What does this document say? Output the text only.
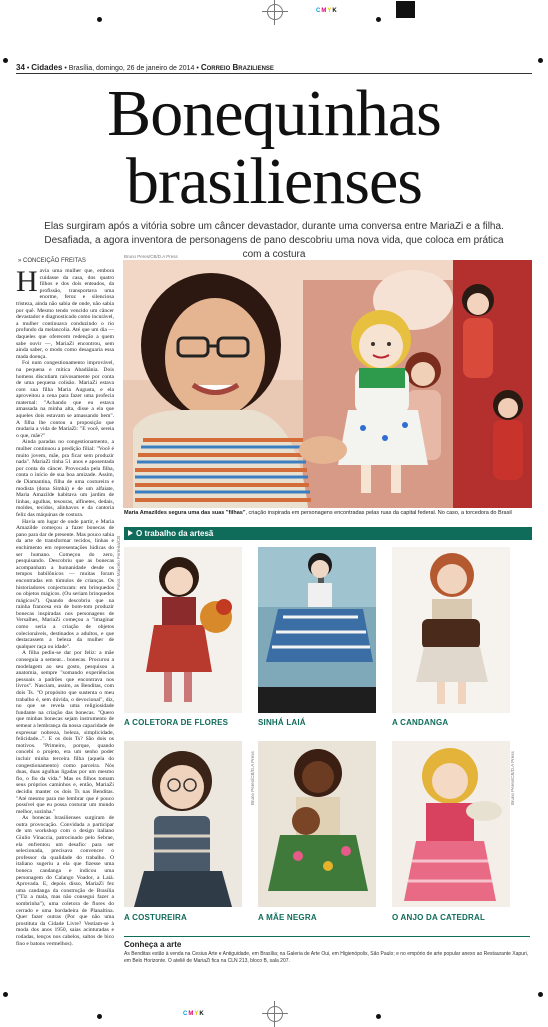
CMYK
34 • Cidades • Brasília, domingo, 26 de janeiro de 2014 • Correio Braziliense
Bonequinhas
brasilienses
Elas surgiram após a vitória sobre um câncer devastador, durante uma conversa entre MariaZi e a filha. Desafiada, a agora inventora de personagens de pano descobriu uma nova vida, que coloca em prática com a costura
» CONCEIÇÃO FREITAS

Havia uma mulher que, embora cuidasse da casa, dos quatro filhos e dos dois enteados, da profissão, transportava uma enorme, feroz e silenciosa tristeza, ainda não sabia de onde, não sabia por quê. Mesmo tendo vencido um câncer devastador e diagnosticado como incurável, a mulher continuava conduzindo o rio profundo da melancolia. Até que um dia — daqueles que oferecem redenção a quem sabe ouvir —, MariaZi encontrou, sem ainda saber, o modo como desaguaria essa mada doença.

Foi num congestionamento improvável, na pequena e mítica Abadiânia. Dois homens discutiam raivosamente por conta de uma pequena colisão. MariaZi estava com sua filha Maria Augusta, e ela aproveitou a cena para fazer uma profecia maternal: "Achando que eu estava amassada na minha alta, disse a ela que aqueles dois estavam se amassando bem". A filha lhe contou a proposição que mudaria a vida de MariaZi: "E você, sereia o que, mãe?"

Ainda paradas no congestionamento, a mulher continuou a predição filial: "Você é muito jovem, mãe, pra ficar sem produzir nada". MariaZi tinha 51 anos e aposentada por conta do câncer. Provocada pela filha, conta o início de sua boa amizade. Assim, de Diamantina, filha de uma costureira e modista (dona Simhá) e de um alfaiate, Maria Amazilde habitava um jardim de linhas, agulhas, tesouras, alfinetes, dedais, moldes, tecidos, alinhavos e da cantoria feliz das máquinas de costura.

Havia um lugar de onde partir, e Maria Amazilde começou a fazer bonecas de pano para dar de presente. Mas pouco sabia da arte de transformar tecidos, linhas e enchimento em representações lúdicas do ser humano. Começou do zero, pesquisando. Descobriu que as bonecas acompanham a humanidade desde os tempos babilônicos — muitas foram encontradas em túmulos de crianças. Os historiadores conjecturam: em brinquedos ou objetos mágicos. (Ou seriam brinquedos mágicos?). Quando descobriu que na rainha francesa era de bom-tom produzir bonecas inspiradas nos personagens de Versalhes, MariaZi começou a "imaginar como seria a criação de objetos colecionáveis, destinados a adultos, e que destacassem a beleza da mulher de qualquer raça ou idade".

A filha pediu-se dar por feliz: a mãe conseguia a semear... bonecas. Procurou a modelagem ao seu gosto, pesquisou a anatomia, sempre "somando experiências pessoais a padrões que encontrava nos livros". Nasciam, assim, as Benditas, com dois Ts. "O propósito que sustenta o meu trabalho é, sem dúvida, o devocional", diz, no que se revela uma religiosidade fundante na criação das bonecas. "Quero que minhas bonecas sejam instrumento de semear a lembrança da nossa capacidade de expressar nobreza, beleza, simplicidade, felicidade...". E os dois Ts? São dois os motivos. "Primeiro, porque, quando concebi o projeto, era um senho poder incluir minha terceira filha (aquela do congestionamento) como parceira. Nós duas, duas agulhas ligadas por um mesmo fio, o fio da vida." Mas os filhos tomam seus próprios caminhos e, então, MariaZi decidiu manter os dois Ts nas Benditas. "Até mesmo para me lembrar que é pouco possível que eu possa costurar um mundo melhor, sozinha."

As bonecas brasilienses surgiram de outra provocação. Convidada a participar de um workshop com o design italiano Giulio Vinaccia, patrocinado pelo Sebrae, ela enfrentou um desafio: para ser selecionada, precisava convencer o professor da qualidade do trabalho. O italiano sugeriu a ela que fizesse uma boneca candanga e indicou uma personagem do Calango Voador, a Laiá. Aprovada. E, depois disso, MariaZi fez uma candanga da construção de Brasília ("Tiz a mala, mas não consegui fazer a sombrinha"), uma coletora de flores do cerrado e uma bordadeira de Planaltina. Quer fazer outras (Por que não uma prostituta da Cidade Livre? Vestiam-se à moda dos anos 1950, saias acinturadas e rodadas, lenços nos cabelos, saltos de bico fino e batons vermelhos).

Bruno Peres/CB/D.A Press
Maria Amazildes segura uma das suas "filhas", criação inspirada em personagens encontradas pelas ruas da capital federal. No caso, a torcedora do Brasil
O trabalho da artesã
Fotos: Marcelo Ferreira/CB
A COLETORA DE FLORES	SINHÁ LAIÁ	A CANDANGA
Bruno Peres/CB/D.A Press	Bruno Peres/CB/D.A Press
A COSTUREIRA	A MÃE NEGRA	O ANJO DA CATEDRAL
Conheça a arte
As Benditas estão à venda na Cesius Arte e Antiguidade, em Brasília; na Galeria de Arte Oui, em Higienópolis, São Paulo; e no empório de arte popular anexo ao Restaurante Xapuri, em Belo Horizonte. O ateliê de MariaZi fica na CLN 213, bloco B, sala 207.
CMYK
